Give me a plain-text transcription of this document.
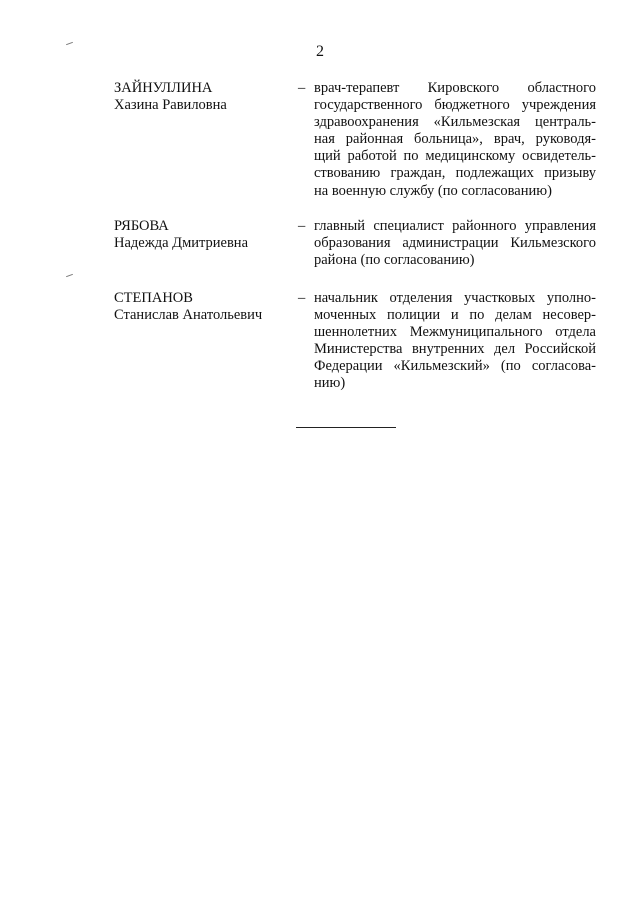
2
ЗАЙНУЛЛИНА
Хазина Равиловна
– врач-терапевт Кировского областного
государственного бюджетного учреждения
здравоохранения «Кильмезская централь-
ная районная больница», врач, руководя-
щий работой по медицинскому освидетель-
ствованию граждан, подлежащих призыву
на военную службу (по согласованию)
РЯБОВА
Надежда Дмитриевна
– главный специалист районного управления
образования администрации Кильмезского
района (по согласованию)
СТЕПАНОВ
Станислав Анатольевич
– начальник отделения участковых уполно-
моченных полиции и по делам несовер-
шеннолетних Межмуниципального отдела
Министерства внутренних дел Российской
Федерации «Кильмезский» (по согласова-
нию)
